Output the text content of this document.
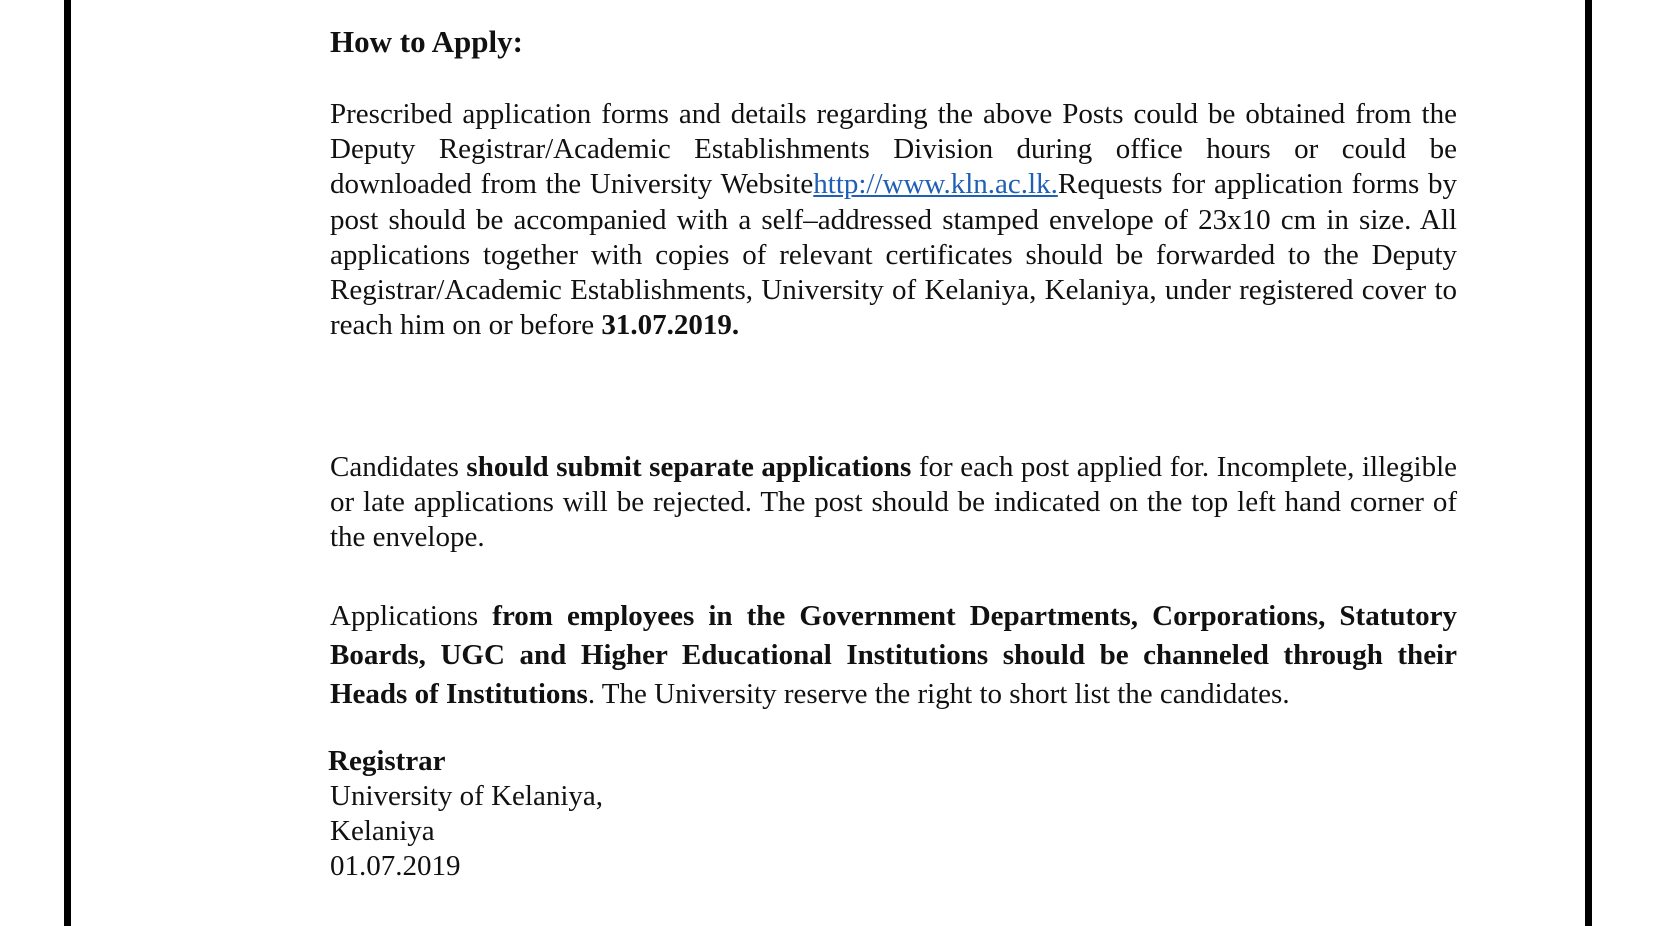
How to Apply:
Prescribed application forms and details regarding the above Posts could be obtained from the Deputy Registrar/Academic Establishments Division during office hours or could be downloaded from the University Websitehttp://www.kln.ac.lk.Requests for application forms by post should be accompanied with a self–addressed stamped envelope of 23x10 cm in size. All applications together with copies of relevant certificates should be forwarded to the Deputy Registrar/Academic Establishments, University of Kelaniya, Kelaniya, under registered cover to reach him on or before 31.07.2019.
Candidates should submit separate applications for each post applied for. Incomplete, illegible or late applications will be rejected. The post should be indicated on the top left hand corner of the envelope.
Applications from employees in the Government Departments, Corporations, Statutory Boards, UGC and Higher Educational Institutions should be channeled through their Heads of Institutions. The University reserve the right to short list the candidates.
Registrar
University of Kelaniya,
Kelaniya
01.07.2019
